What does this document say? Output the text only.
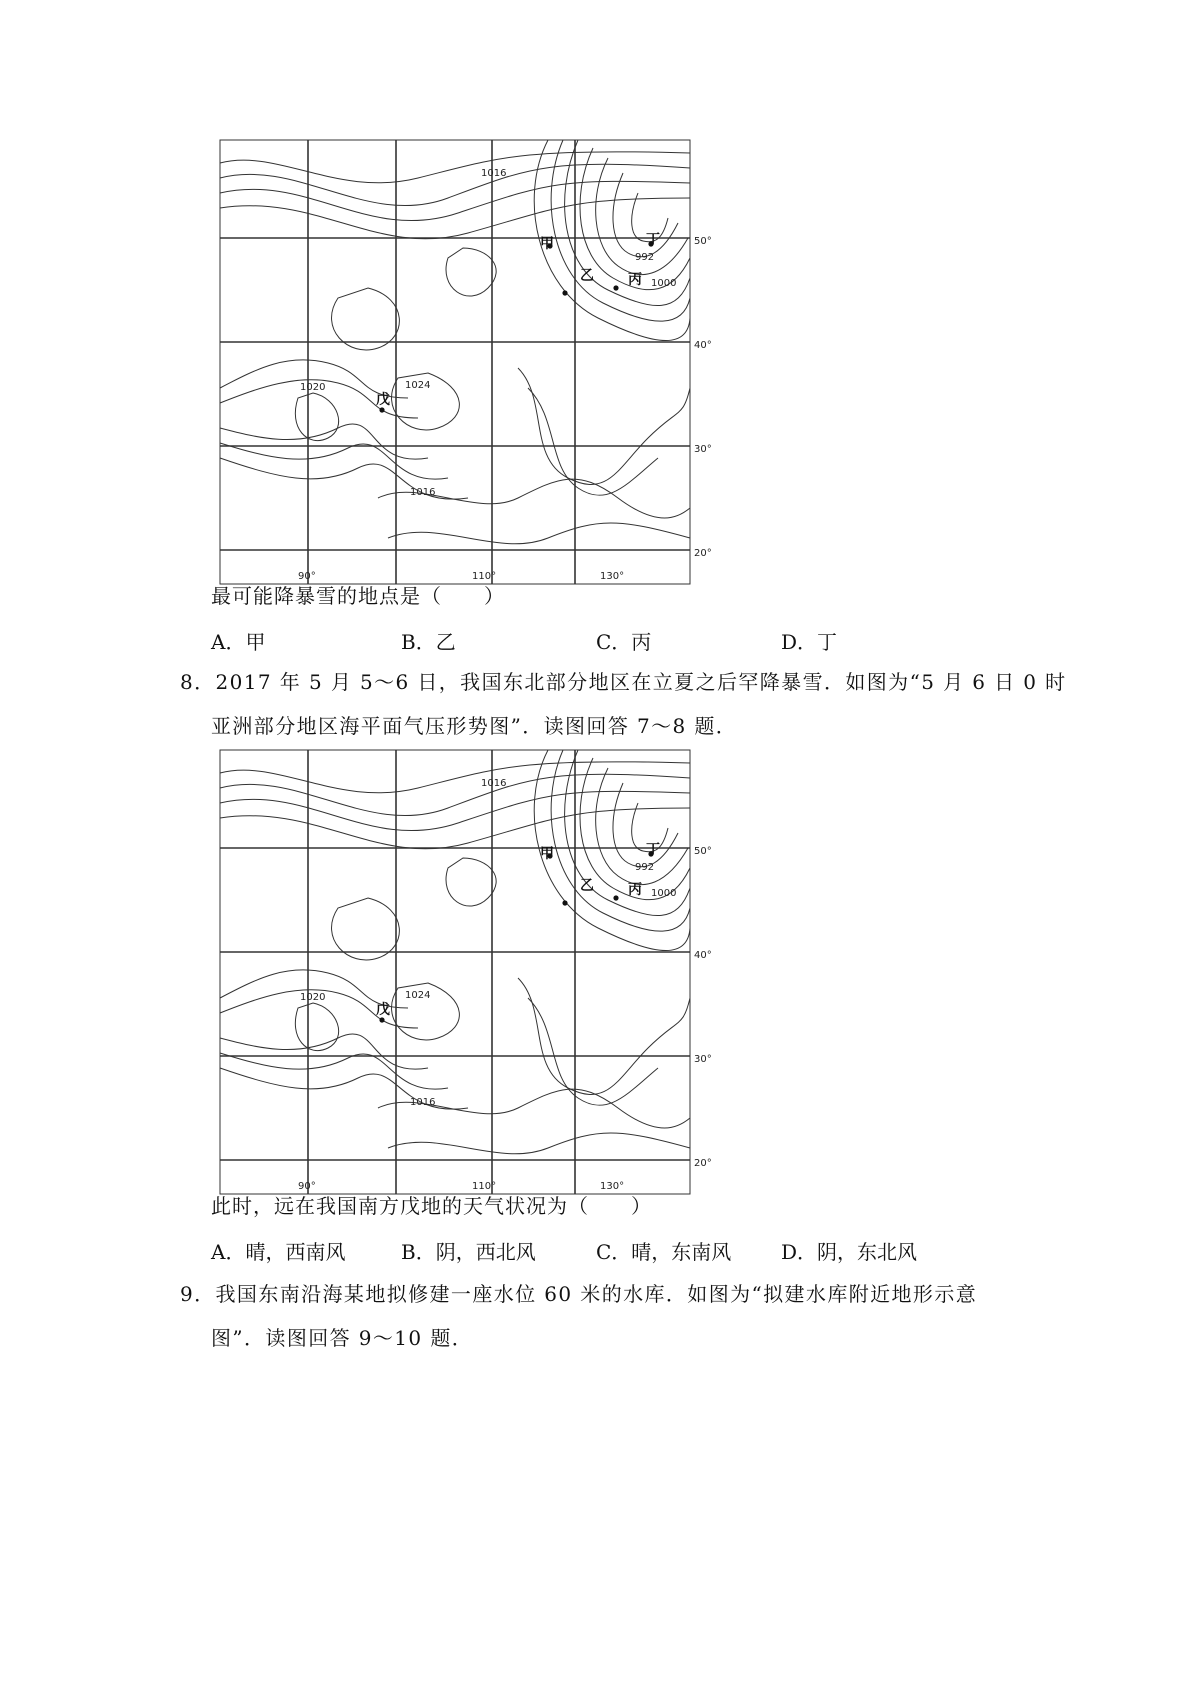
50°
40°
30°
20°
90°	110°	130°
1016
1020	1024
1016
992
1000
甲
乙 丙
丁
戊
最可能降暴雪的地点是（　　）
A．甲	B．乙	C．丙	D．丁
8．2017 年 5 月 5～6 日，我国东北部分地区在立夏之后罕降暴雪．如图为“5 月 6 日 0 时
亚洲部分地区海平面气压形势图”．读图回答 7～8 题．
50°
40°
30°
20°
90°	110°	130°
1016
1020	1024
1016
992
1000
甲
乙 丙
丁
戊
此时，远在我国南方戊地的天气状况为（　　）
A．晴，西南风	B．阴，西北风	C．晴，东南风 D．阴，东北风
9．我国东南沿海某地拟修建一座水位 60 米的水库．如图为“拟建水库附近地形示意
图”．读图回答 9～10 题．
